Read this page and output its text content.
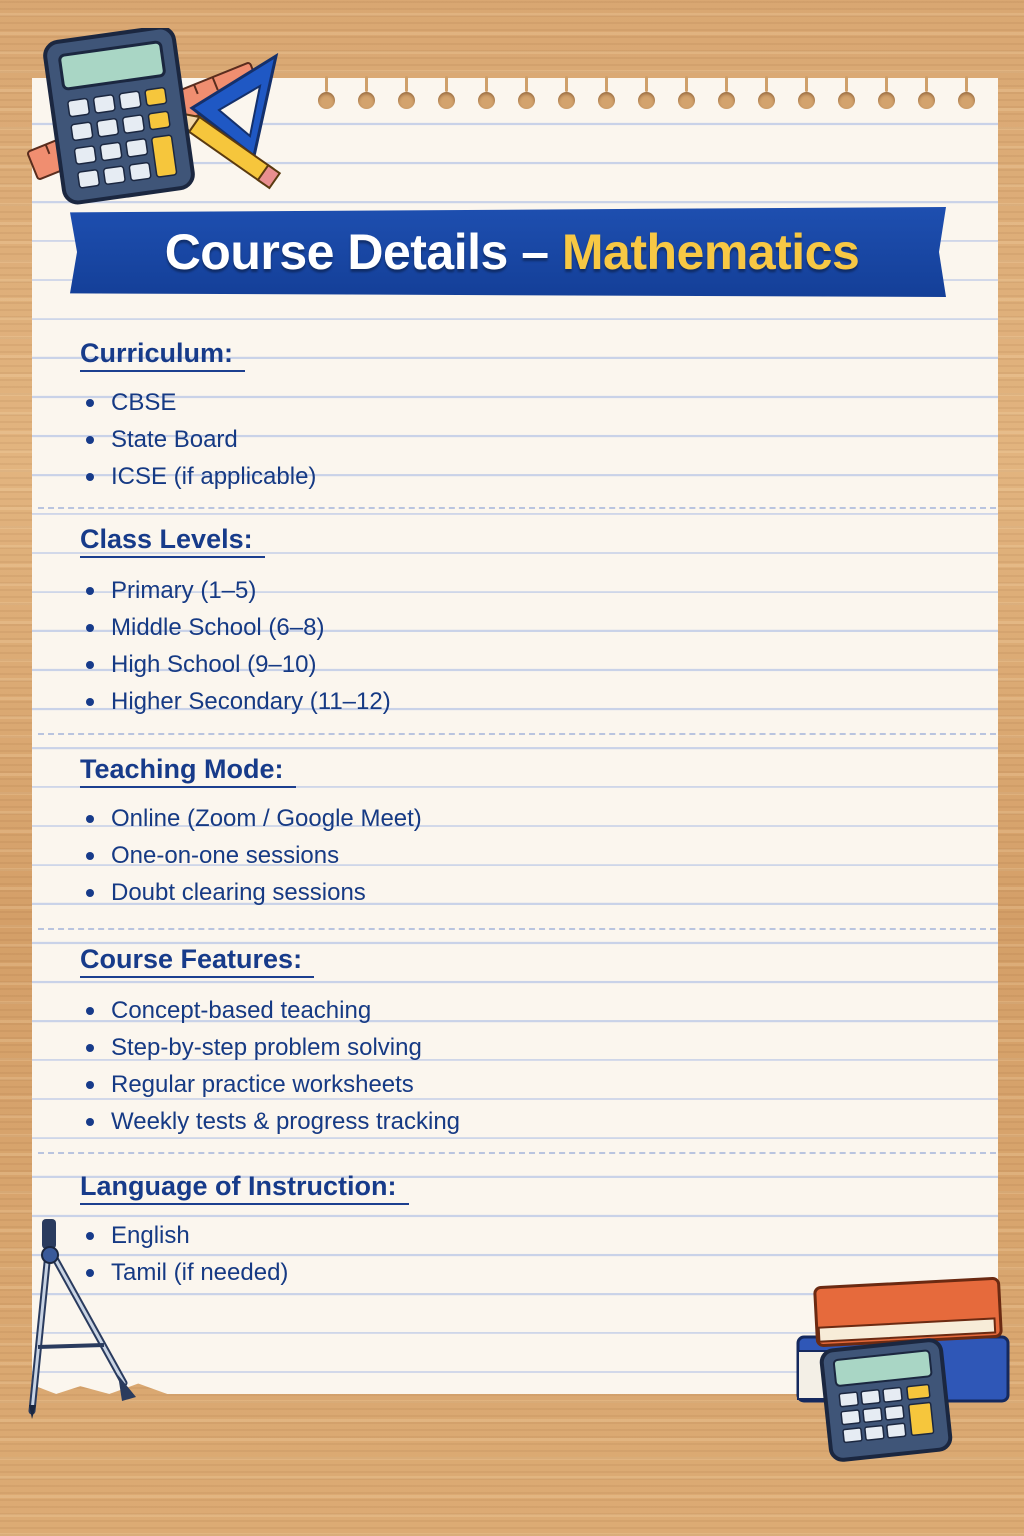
Course Details – Mathematics
Curriculum:
CBSE
State Board
ICSE (if applicable)
Class Levels:
Primary (1–5)
Middle School (6–8)
High School (9–10)
Higher Secondary (11–12)
Teaching Mode:
Online (Zoom / Google Meet)
One-on-one sessions
Doubt clearing sessions
Course Features:
Concept-based teaching
Step-by-step problem solving
Regular practice worksheets
Weekly tests & progress tracking
Language of Instruction:
English
Tamil (if needed)
